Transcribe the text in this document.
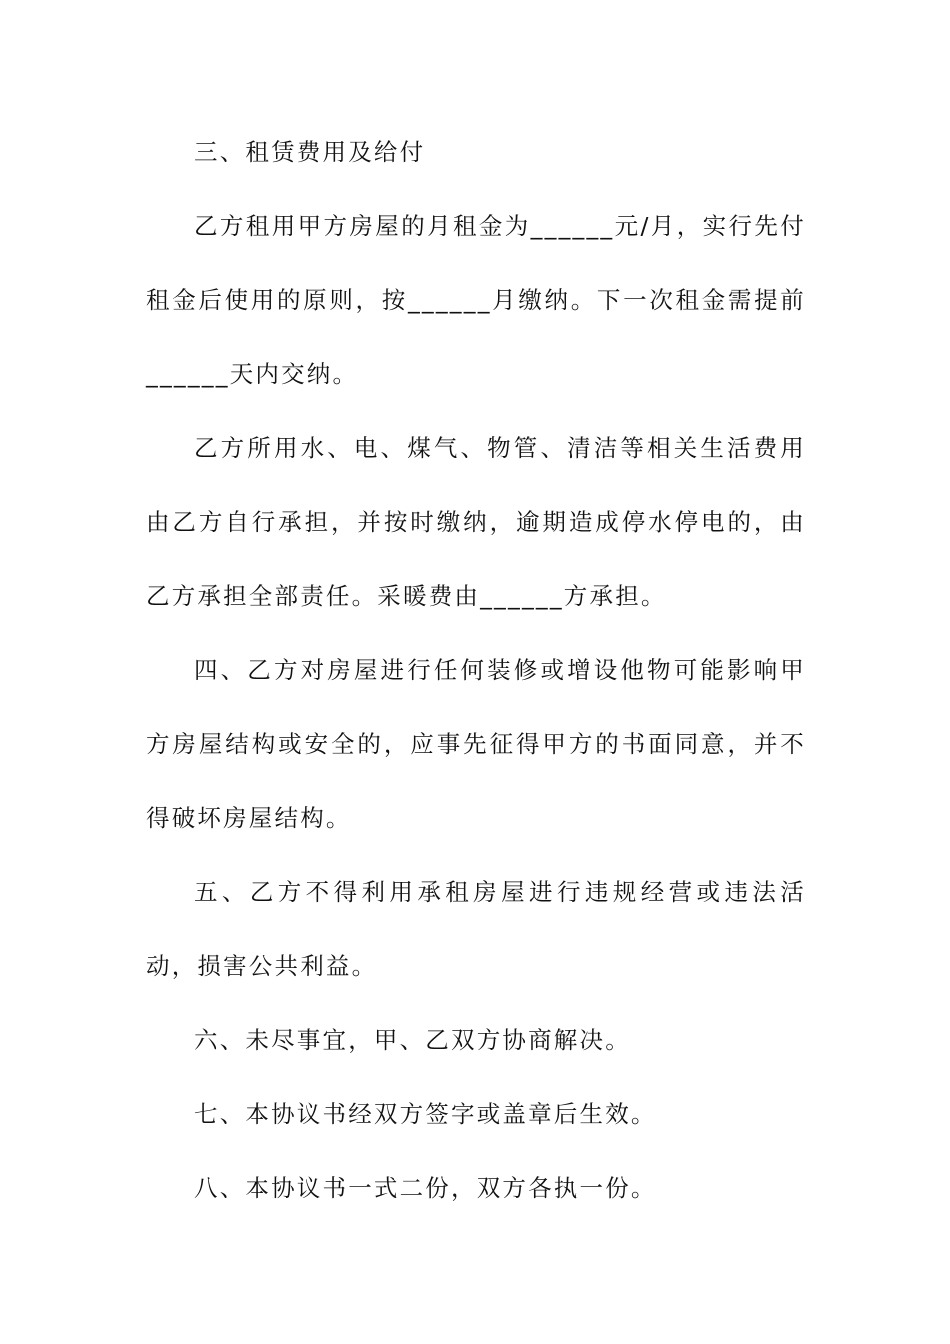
三、租赁费用及给付

乙方租用甲方房屋的月租金为______元/月，实行先付租金后使用的原则，按______月缴纳。下一次租金需提前______天内交纳。

乙方所用水、电、煤气、物管、清洁等相关生活费用由乙方自行承担，并按时缴纳，逾期造成停水停电的，由乙方承担全部责任。采暖费由______方承担。

四、乙方对房屋进行任何装修或增设他物可能影响甲方房屋结构或安全的，应事先征得甲方的书面同意，并不得破坏房屋结构。

五、乙方不得利用承租房屋进行违规经营或违法活动，损害公共利益。

六、未尽事宜，甲、乙双方协商解决。

七、本协议书经双方签字或盖章后生效。

八、本协议书一式二份，双方各执一份。
